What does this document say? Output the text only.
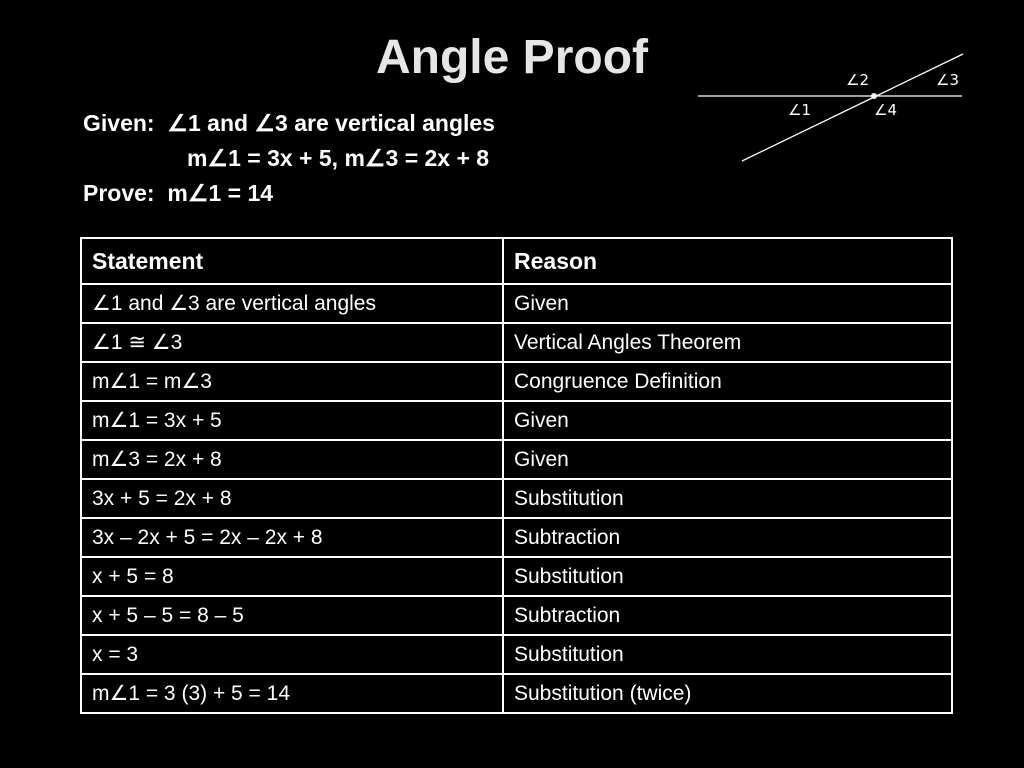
Angle Proof
Given: ∠1 and ∠3 are vertical angles
m∠1 = 3x + 5, m∠3 = 2x + 8
Prove: m∠1 = 14
∠2	∠3
∠1	∠4
Statement	Reason
∠1 and ∠3 are vertical angles	Given
∠1 ≅ ∠3	Vertical Angles Theorem
m∠1 = m∠3	Congruence Definition
m∠1 = 3x + 5	Given
m∠3 = 2x + 8	Given
3x + 5 = 2x + 8	Substitution
3x – 2x + 5 = 2x – 2x + 8	Subtraction
x + 5 = 8	Substitution
x + 5 – 5 = 8 – 5	Subtraction
x = 3	Substitution
m∠1 = 3 (3) + 5 = 14	Substitution (twice)
